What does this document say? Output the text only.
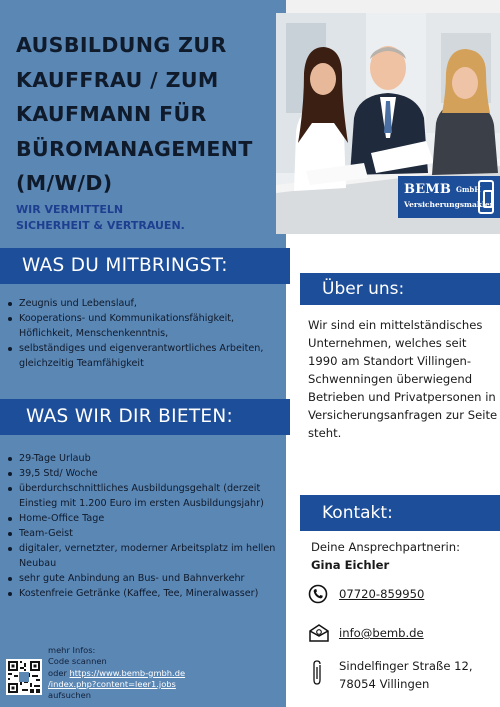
AUSBILDUNG ZUR KAUFFRAU / ZUM KAUFMANN FÜR BÜROMANAGEMENT (M/W/D)

WIR VERMITTELN
SICHERHEIT & VERTRAUEN.

BEMB GmbH
Versicherungsmakler
WAS DU MITBRINGST:
Zeugnis und Lebenslauf,
Kooperations- und Kommunikationsfähigkeit, Höflichkeit, Menschenkenntnis,
selbständiges und eigenverantwortliches Arbeiten, gleichzeitig Teamfähigkeit
WAS WIR DIR BIETEN:
29-Tage Urlaub
39,5 Std/ Woche
überdurchschnittliches Ausbildungsgehalt (derzeit Einstieg mit 1.200 Euro im ersten Ausbildungsjahr)
Home-Office Tage
Team-Geist
digitaler, vernetzter, moderner Arbeitsplatz im hellen Neubau
sehr gute Anbindung an Bus- und Bahnverkehr
Kostenfreie Getränke (Kaffee, Tee, Mineralwasser)
Über uns:

Wir sind ein mittelständisches Unternehmen, welches seit 1990 am Standort Villingen-Schwenningen überwiegend Betrieben und Privatpersonen in Versicherungsanfragen zur Seite steht.

Kontakt:
Deine Ansprechpartnerin:
Gina Eichler
07720-859950
info@bemb.de
Sindelfinger Straße 12,
78054 Villingen

mehr Infos:
Code scannen
oder https://www.bemb-gmbh.de
/index.php?content=leer1.jobs
aufsuchen
